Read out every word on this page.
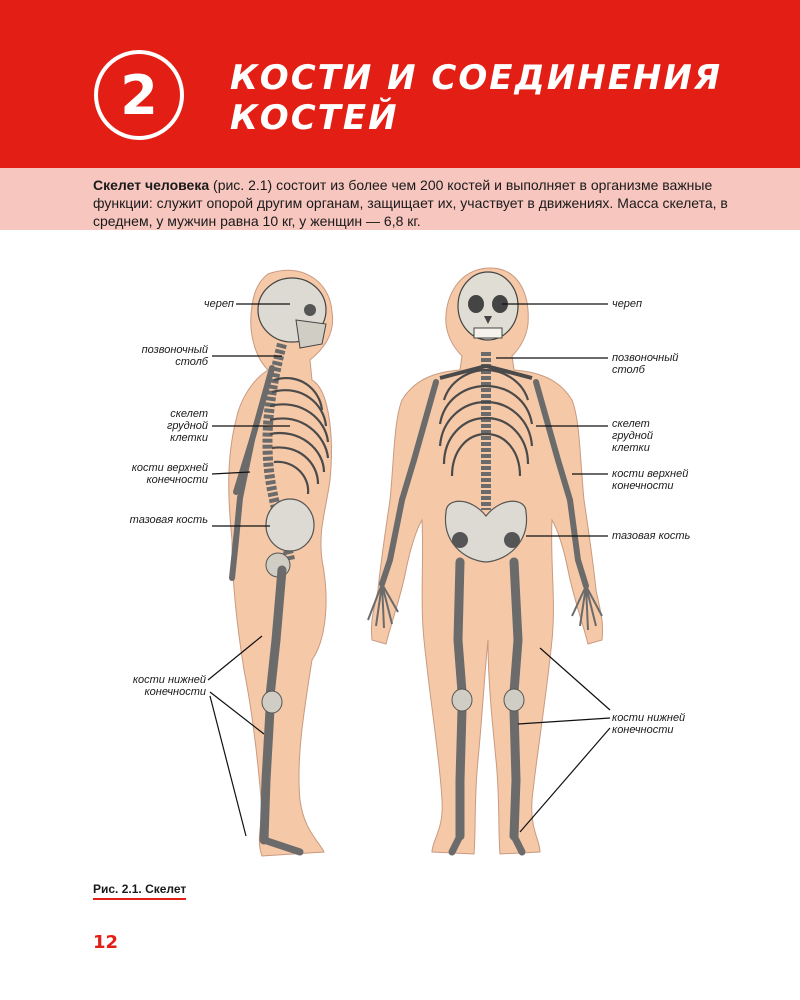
2 КОСТИ И СОЕДИНЕНИЯ
КОСТЕЙ

Скелет человека (рис. 2.1) состоит из более чем 200 костей и выполняет в организме важные функции: служит опорой другим органам, защищает их, участвует в движениях. Масса скелета, в среднем, у мужчин равна 10 кг, у женщин — 6,8 кг.

череп
позвоночный столб
скелет грудной клетки
кости верхней конечности
тазовая кость
кости нижней конечности
череп
позвоночный столб
скелет грудной клетки
кости верхней конечности
тазовая кость
кости нижней конечности
Рис. 2.1. Скелет
12
